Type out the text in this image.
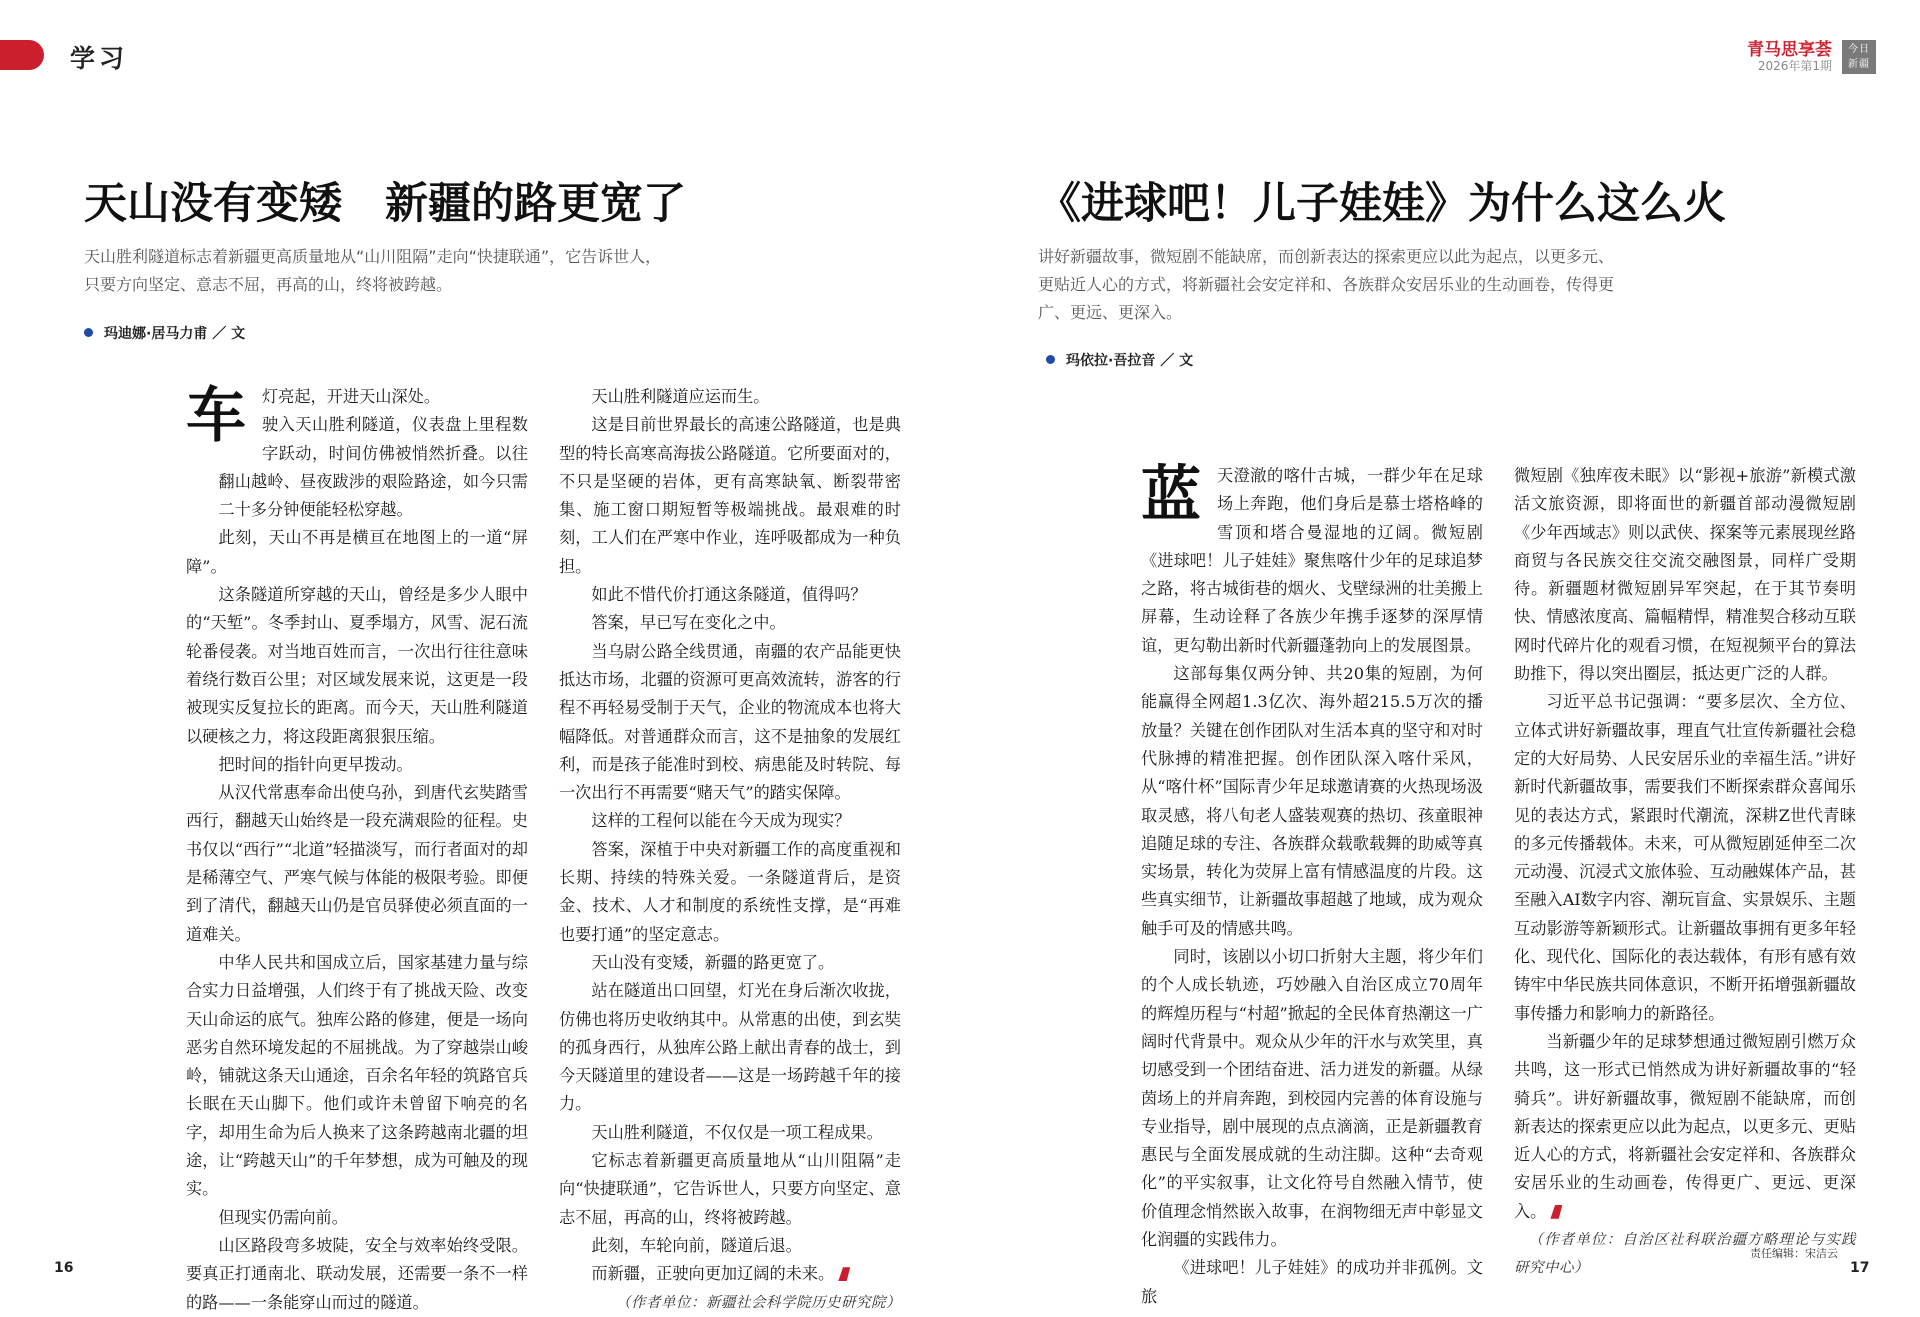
学习	青马思享荟
2026年第1期
今日
新疆
天山没有变矮　新疆的路更宽了
天山胜利隧道标志着新疆更高质量地从“山川阻隔”走向“快捷联通”，它告诉世人，
只要方向坚定、意志不屈，再高的山，终将被跨越。
玛迪娜·居马力甫 ／ 文

车灯亮起，开进天山深处。

驶入天山胜利隧道，仪表盘上里程数字跃动，时间仿佛被悄然折叠。以往翻山越岭、昼夜跋涉的艰险路途，如今只需二十多分钟便能轻松穿越。

此刻，天山不再是横亘在地图上的一道“屏障”。

这条隧道所穿越的天山，曾经是多少人眼中的“天堑”。冬季封山、夏季塌方，风雪、泥石流轮番侵袭。对当地百姓而言，一次出行往往意味着绕行数百公里；对区域发展来说，这更是一段被现实反复拉长的距离。而今天，天山胜利隧道以硬核之力，将这段距离狠狠压缩。

把时间的指针向更早拨动。

从汉代常惠奉命出使乌孙，到唐代玄奘踏雪西行，翻越天山始终是一段充满艰险的征程。史书仅以“西行”“北道”轻描淡写，而行者面对的却是稀薄空气、严寒气候与体能的极限考验。即便到了清代，翻越天山仍是官员驿使必须直面的一道难关。

中华人民共和国成立后，国家基建力量与综合实力日益增强，人们终于有了挑战天险、改变天山命运的底气。独库公路的修建，便是一场向恶劣自然环境发起的不屈挑战。为了穿越崇山峻岭，铺就这条天山通途，百余名年轻的筑路官兵长眠在天山脚下。他们或许未曾留下响亮的名字，却用生命为后人换来了这条跨越南北疆的坦途，让“跨越天山”的千年梦想，成为可触及的现实。

但现实仍需向前。

山区路段弯多坡陡，安全与效率始终受限。要真正打通南北、联动发展，还需要一条不一样的路——一条能穿山而过的隧道。

天山胜利隧道应运而生。

这是目前世界最长的高速公路隧道，也是典型的特长高寒高海拔公路隧道。它所要面对的，不只是坚硬的岩体，更有高寒缺氧、断裂带密集、施工窗口期短暂等极端挑战。最艰难的时刻，工人们在严寒中作业，连呼吸都成为一种负担。

如此不惜代价打通这条隧道，值得吗？

答案，早已写在变化之中。

当乌尉公路全线贯通，南疆的农产品能更快抵达市场，北疆的资源可更高效流转，游客的行程不再轻易受制于天气，企业的物流成本也将大幅降低。对普通群众而言，这不是抽象的发展红利，而是孩子能准时到校、病患能及时转院、每一次出行不再需要“赌天气”的踏实保障。

这样的工程何以能在今天成为现实？

答案，深植于中央对新疆工作的高度重视和长期、持续的特殊关爱。一条隧道背后，是资金、技术、人才和制度的系统性支撑，是“再难也要打通”的坚定意志。

天山没有变矮，新疆的路更宽了。

站在隧道出口回望，灯光在身后渐次收拢，仿佛也将历史收纳其中。从常惠的出使，到玄奘的孤身西行，从独库公路上献出青春的战士，到今天隧道里的建设者——这是一场跨越千年的接力。

天山胜利隧道，不仅仅是一项工程成果。

它标志着新疆更高质量地从“山川阻隔”走向“快捷联通”，它告诉世人，只要方向坚定、意志不屈，再高的山，终将被跨越。

此刻，车轮向前，隧道后退。

而新疆，正驶向更加辽阔的未来。

（作者单位：新疆社会科学院历史研究院）

16
《进球吧！儿子娃娃》为什么这么火
讲好新疆故事，微短剧不能缺席，而创新表达的探索更应以此为起点，以更多元、
更贴近人心的方式，将新疆社会安定祥和、各族群众安居乐业的生动画卷，传得更
广、更远、更深入。
玛依拉·吾拉音 ／ 文

蓝天澄澈的喀什古城，一群少年在足球场上奔跑，他们身后是慕士塔格峰的雪顶和塔合曼湿地的辽阔。微短剧《进球吧！儿子娃娃》聚焦喀什少年的足球追梦之路，将古城街巷的烟火、戈壁绿洲的壮美搬上屏幕，生动诠释了各族少年携手逐梦的深厚情谊，更勾勒出新时代新疆蓬勃向上的发展图景。

这部每集仅两分钟、共20集的短剧，为何能赢得全网超1.3亿次、海外超215.5万次的播放量？关键在创作团队对生活本真的坚守和对时代脉搏的精准把握。创作团队深入喀什采风，从“喀什杯”国际青少年足球邀请赛的火热现场汲取灵感，将八旬老人盛装观赛的热切、孩童眼神追随足球的专注、各族群众载歌载舞的助威等真实场景，转化为荧屏上富有情感温度的片段。这些真实细节，让新疆故事超越了地域，成为观众触手可及的情感共鸣。

同时，该剧以小切口折射大主题，将少年们的个人成长轨迹，巧妙融入自治区成立70周年的辉煌历程与“村超”掀起的全民体育热潮这一广阔时代背景中。观众从少年的汗水与欢笑里，真切感受到一个团结奋进、活力迸发的新疆。从绿茵场上的并肩奔跑，到校园内完善的体育设施与专业指导，剧中展现的点点滴滴，正是新疆教育惠民与全面发展成就的生动注脚。这种“去奇观化”的平实叙事，让文化符号自然融入情节，使价值理念悄然嵌入故事，在润物细无声中彰显文化润疆的实践伟力。

《进球吧！儿子娃娃》的成功并非孤例。文旅

微短剧《独库夜未眠》以“影视+旅游”新模式激活文旅资源，即将面世的新疆首部动漫微短剧《少年西域志》则以武侠、探案等元素展现丝路商贸与各民族交往交流交融图景，同样广受期待。新疆题材微短剧异军突起，在于其节奏明快、情感浓度高、篇幅精悍，精准契合移动互联网时代碎片化的观看习惯，在短视频平台的算法助推下，得以突出圈层，抵达更广泛的人群。

习近平总书记强调：“要多层次、全方位、立体式讲好新疆故事，理直气壮宣传新疆社会稳定的大好局势、人民安居乐业的幸福生活。”讲好新时代新疆故事，需要我们不断探索群众喜闻乐见的表达方式，紧跟时代潮流，深耕Z世代青睐的多元传播载体。未来，可从微短剧延伸至二次元动漫、沉浸式文旅体验、互动融媒体产品，甚至融入AI数字内容、潮玩盲盒、实景娱乐、主题互动影游等新颖形式。让新疆故事拥有更多年轻化、现代化、国际化的表达载体，有形有感有效铸牢中华民族共同体意识，不断开拓增强新疆故事传播力和影响力的新路径。

当新疆少年的足球梦想通过微短剧引燃万众共鸣，这一形式已悄然成为讲好新疆故事的“轻骑兵”。讲好新疆故事，微短剧不能缺席，而创新表达的探索更应以此为起点，以更多元、更贴近人心的方式，将新疆社会安定祥和、各族群众安居乐业的生动画卷，传得更广、更远、更深入。

（作者单位：自治区社科联治疆方略理论与实践研究中心）

责任编辑：宋洁云
17
